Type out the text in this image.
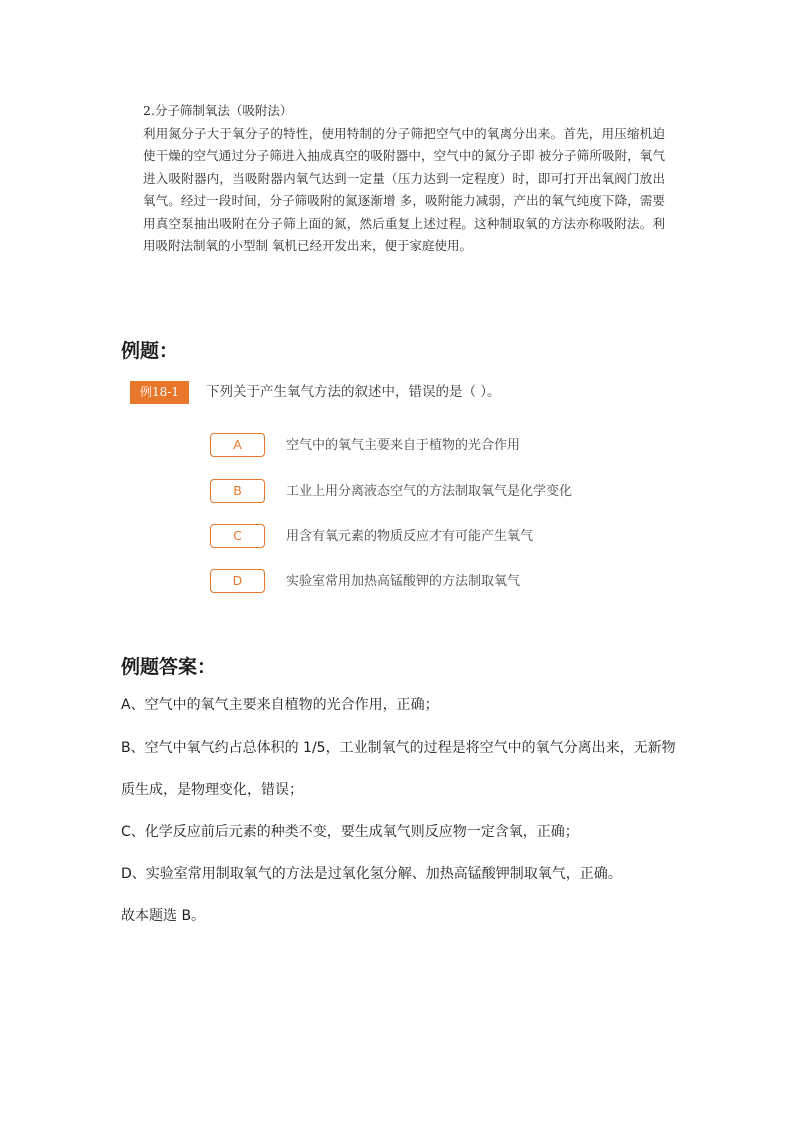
2.分子筛制氧法（吸附法）
利用氮分子大于氧分子的特性，使用特制的分子筛把空气中的氧离分出来。首先，用压缩机迫使干燥的空气通过分子筛进入抽成真空的吸附器中，空气中的氮分子即 被分子筛所吸附，氧气进入吸附器内，当吸附器内氧气达到一定量（压力达到一定程度）时，即可打开出氧阀门放出氧气。经过一段时间，分子筛吸附的氮逐渐增 多，吸附能力减弱，产出的氧气纯度下降，需要用真空泵抽出吸附在分子筛上面的氮，然后重复上述过程。这种制取氧的方法亦称吸附法。利用吸附法制氧的小型制 氧机已经开发出来，便于家庭使用。
例题：
例18-1	下列关于产生氧气方法的叙述中，错误的是（ ）。
A	空气中的氧气主要来自于植物的光合作用
B	工业上用分离液态空气的方法制取氧气是化学变化
C	用含有氧元素的物质反应才有可能产生氧气
D	实验室常用加热高锰酸钾的方法制取氧气
例题答案：
A、空气中的氧气主要来自植物的光合作用，正确；
B、空气中氧气约占总体积的 1/5，工业制氧气的过程是将空气中的氧气分离出来，无新物
质生成，是物理变化，错误；
C、化学反应前后元素的种类不变，要生成氧气则反应物一定含氧，正确；
D、实验室常用制取氧气的方法是过氧化氢分解、加热高锰酸钾制取氧气，正确。
故本题选 B。
